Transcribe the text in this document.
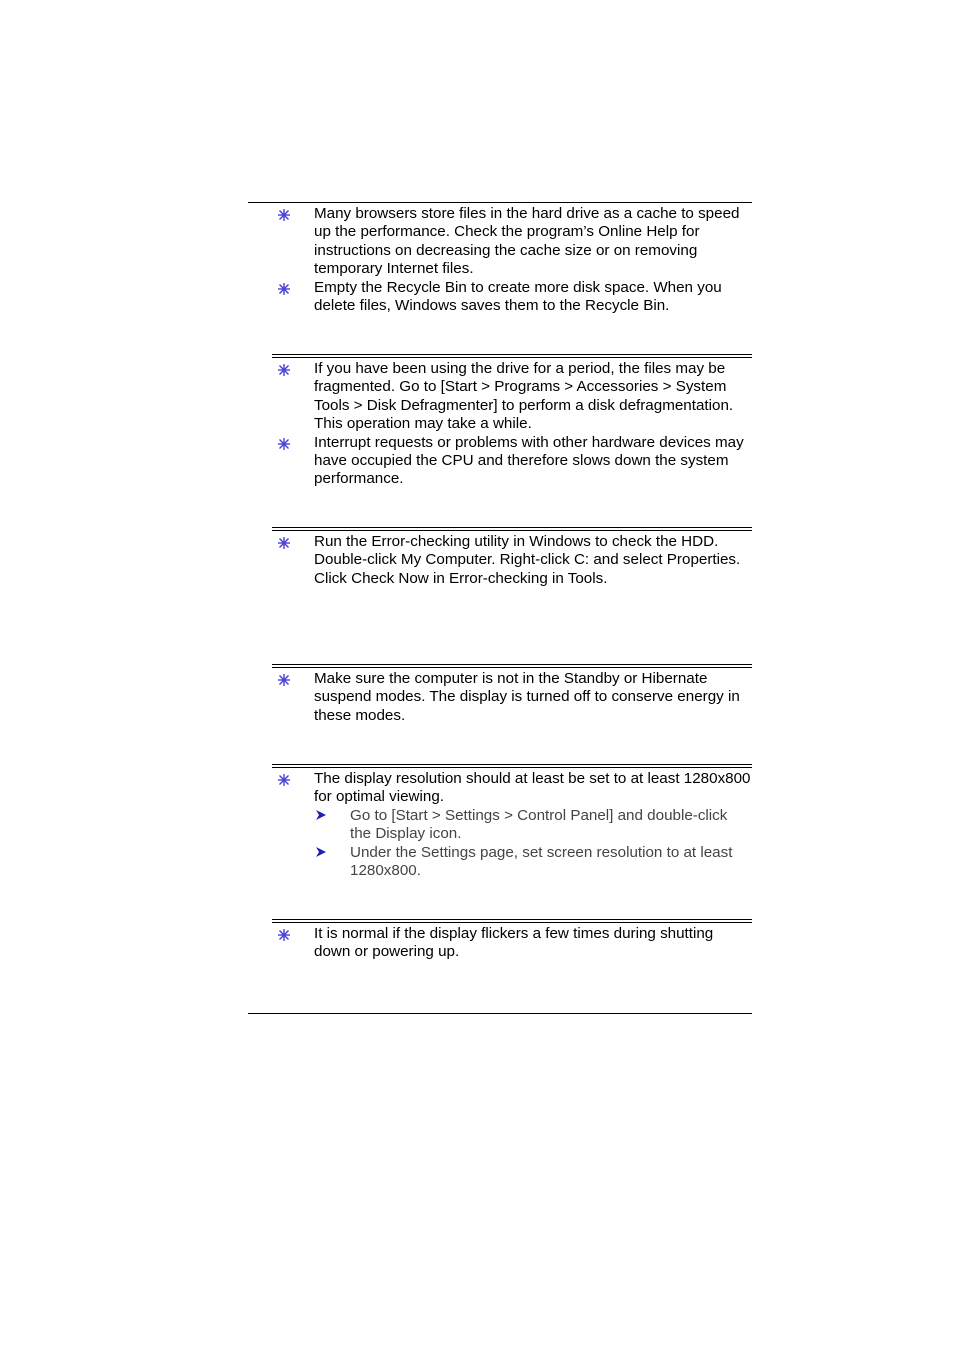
Many browsers store files in the hard drive as a cache to speed up the performance. Check the program’s Online Help for instructions on decreasing the cache size or on removing temporary Internet files.
Empty the Recycle Bin to create more disk space. When you delete files, Windows saves them to the Recycle Bin.
If you have been using the drive for a period, the files may be fragmented. Go to [Start > Programs > Accessories > System Tools > Disk Defragmenter] to perform a disk defragmentation. This operation may take a while.
Interrupt requests or problems with other hardware devices may have occupied the CPU and therefore slows down the system performance.
Run the Error-checking utility in Windows to check the HDD. Double-click My Computer. Right-click C: and select Properties. Click Check Now in Error-checking in Tools.
Make sure the computer is not in the Standby or Hibernate suspend modes. The display is turned off to conserve energy in these modes.
The display resolution should at least be set to at least 1280x800 for optimal viewing.
Go to [Start > Settings > Control Panel] and double-click the Display icon.
Under the Settings page, set screen resolution to at least 1280x800.
It is normal if the display flickers a few times during shutting down or powering up.
